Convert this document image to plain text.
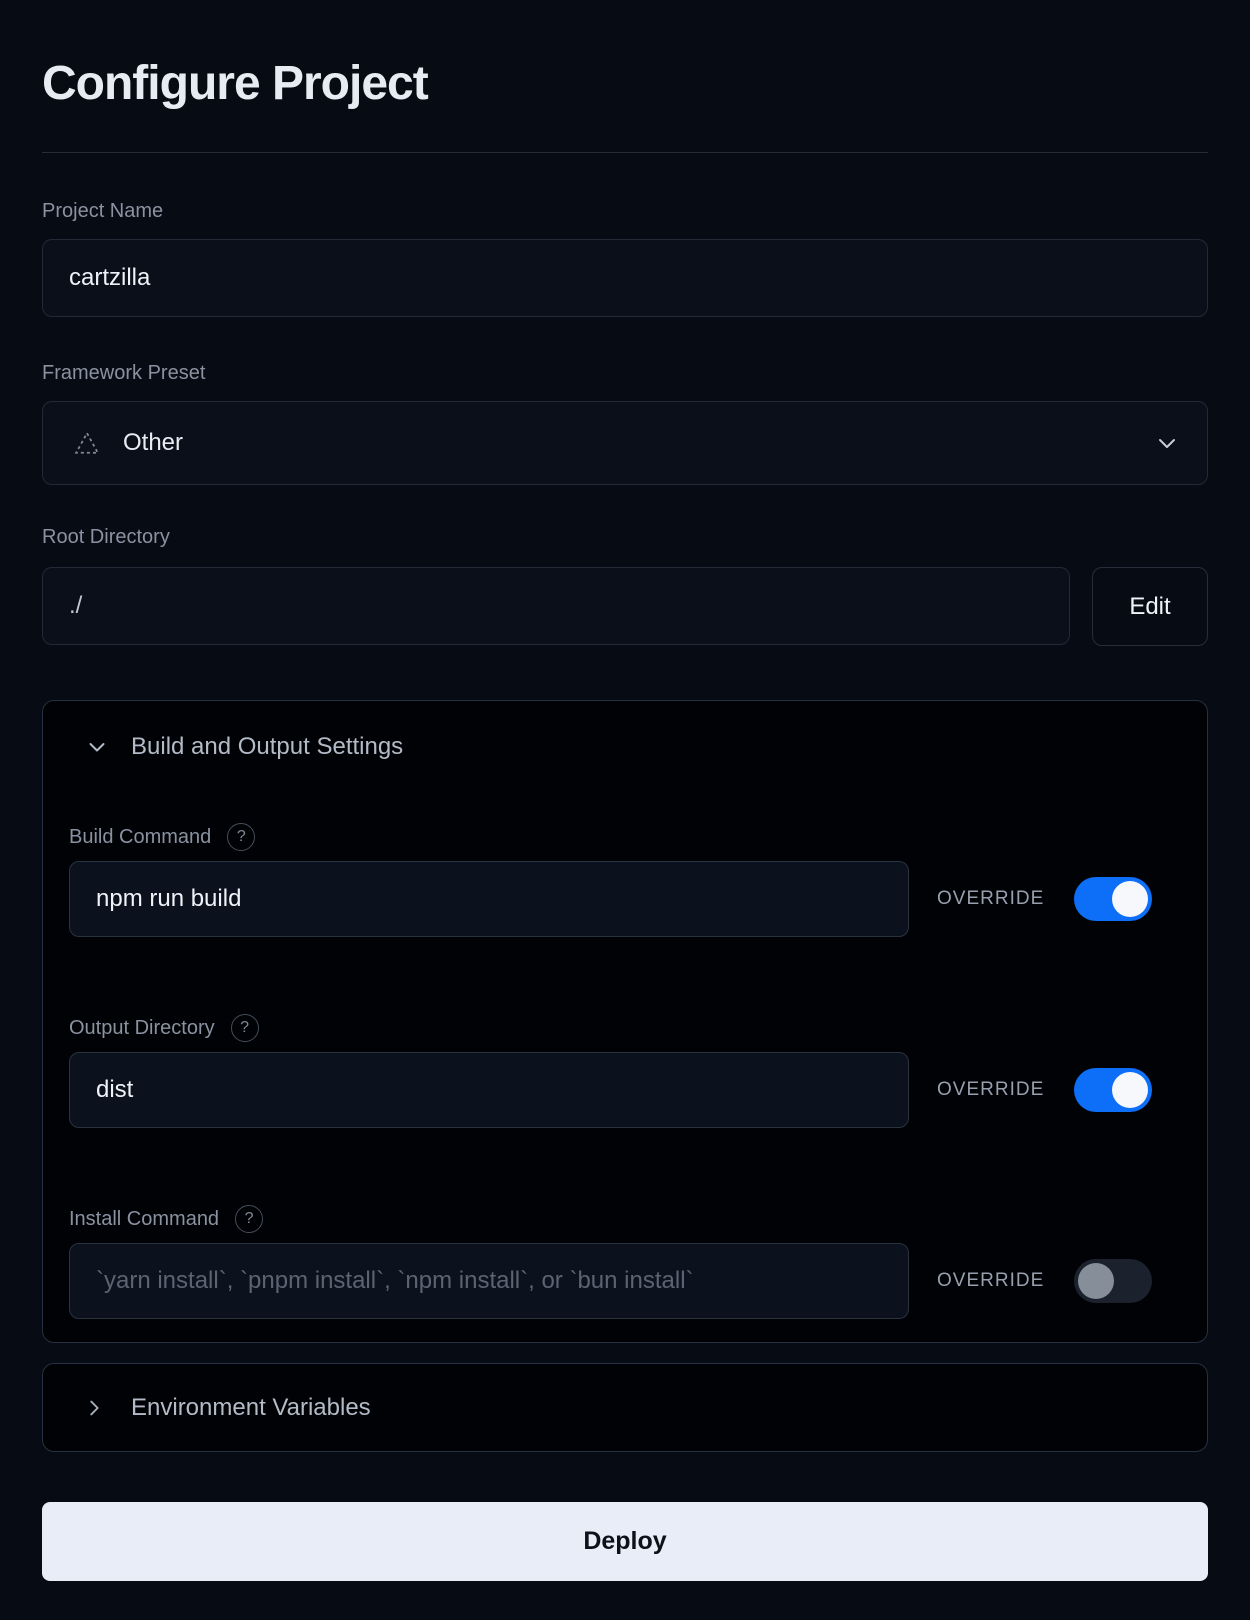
Configure Project
Project Name
cartzilla
Framework Preset
Other
Root Directory
./
Edit
Build and Output Settings
Build Command	?
npm run build
OVERRIDE
Output Directory	?
dist
OVERRIDE
Install Command	?
`yarn install`, `pnpm install`, `npm install`, or `bun install`
OVERRIDE
Environment Variables
Deploy
